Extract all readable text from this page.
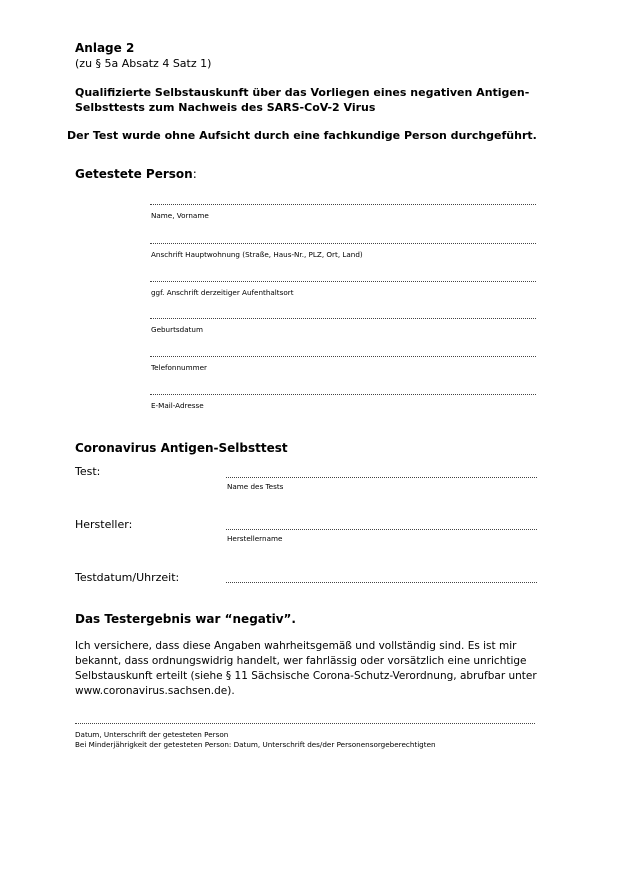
Anlage 2
(zu § 5a Absatz 4 Satz 1)
Qualifizierte Selbstauskunft über das Vorliegen eines negativen Antigen-
Selbsttests zum Nachweis des SARS-CoV-2 Virus
Der Test wurde ohne Aufsicht durch eine fachkundige Person durchgeführt.
Getestete Person:
Name, Vorname
Anschrift Hauptwohnung (Straße, Haus-Nr., PLZ, Ort, Land)
ggf. Anschrift derzeitiger Aufenthaltsort
Geburtsdatum
Telefonnummer
E-Mail-Adresse
Coronavirus Antigen-Selbsttest
Test:
Name des Tests
Hersteller:
Herstellername
Testdatum/Uhrzeit:
Das Testergebnis war “negativ”.
Ich versichere, dass diese Angaben wahrheitsgemäß und vollständig sind. Es ist mir
bekannt, dass ordnungswidrig handelt, wer fahrlässig oder vorsätzlich eine unrichtige
Selbstauskunft erteilt (siehe § 11 Sächsische Corona-Schutz-Verordnung, abrufbar unter
www.coronavirus.sachsen.de).
Datum, Unterschrift der getesteten Person
Bei Minderjährigkeit der getesteten Person: Datum, Unterschrift des/der Personensorgeberechtigten
